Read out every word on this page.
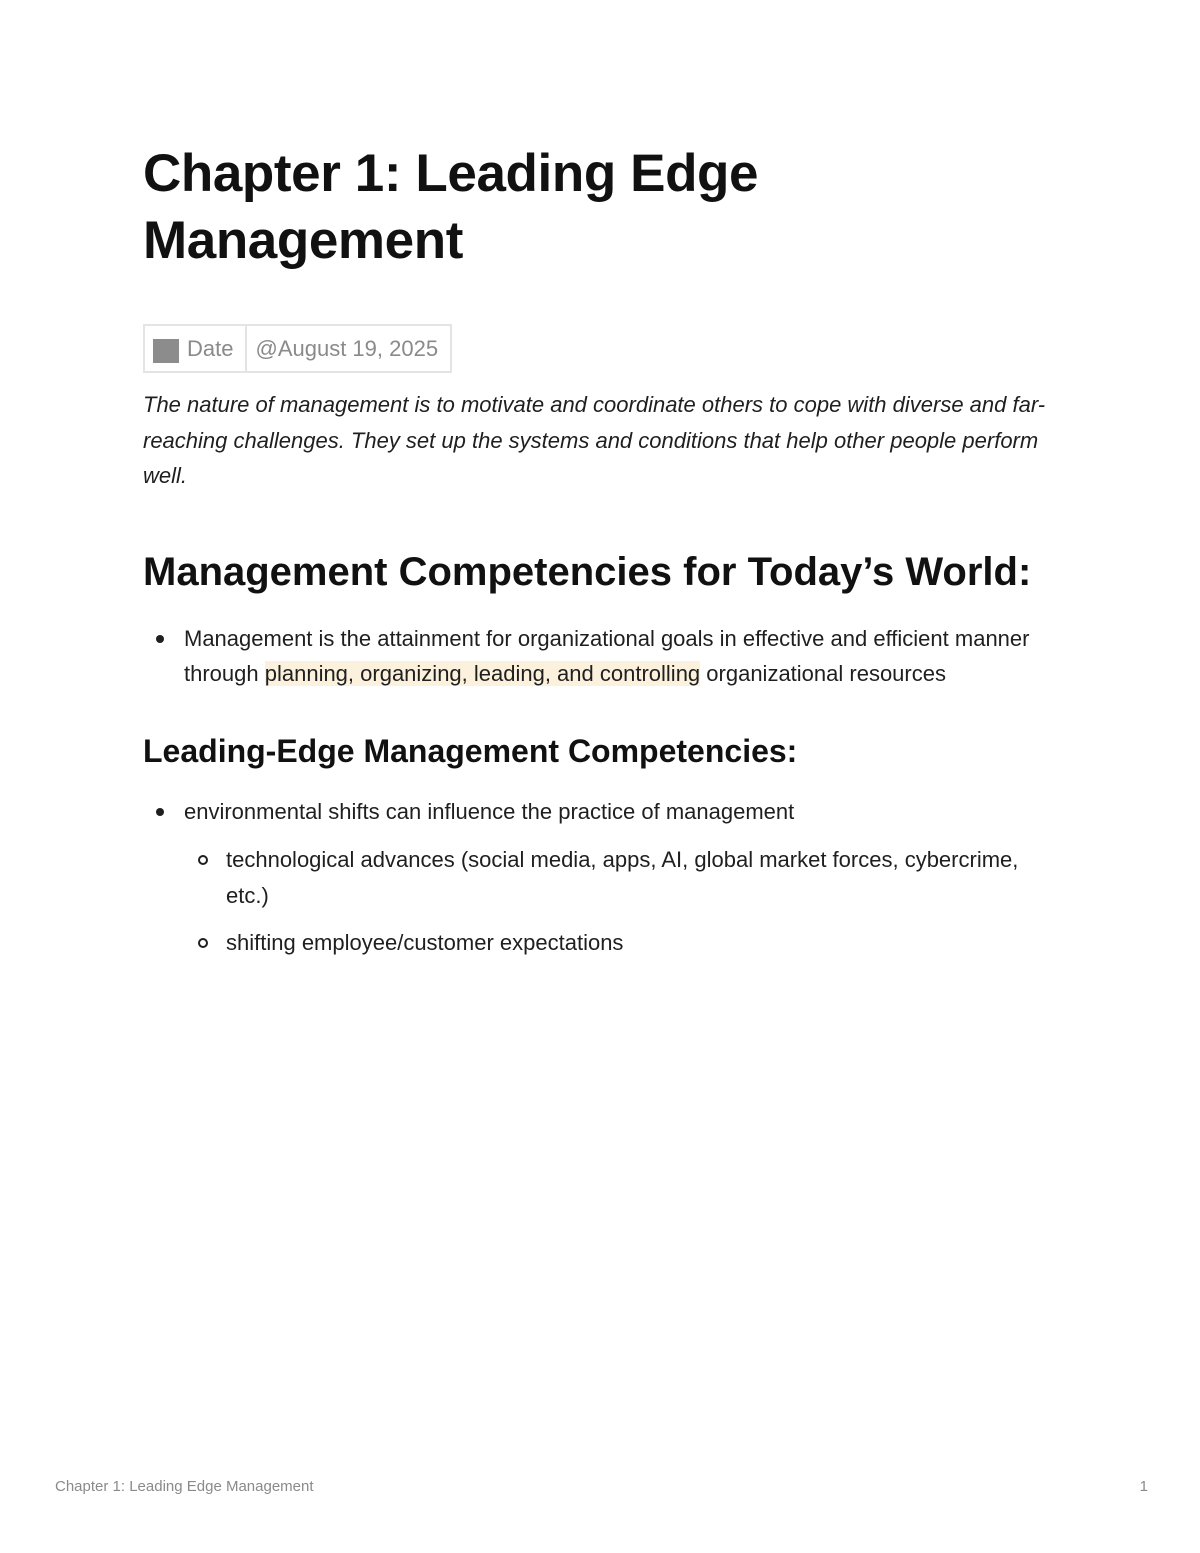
Chapter 1: Leading Edge Management
Date	@August 19, 2025

The nature of management is to motivate and coordinate others to cope with diverse and far-reaching challenges. They set up the systems and conditions that help other people perform well.

Management Competencies for Today’s World:
Management is the attainment for organizational goals in effective and efficient manner through planning, organizing, leading, and controlling organizational resources
Leading-Edge Management Competencies:
environmental shifts can influence the practice of management
technological advances (social media, apps, AI, global market forces, cybercrime, etc.)
shifting employee/customer expectations
Chapter 1: Leading Edge Management	1
